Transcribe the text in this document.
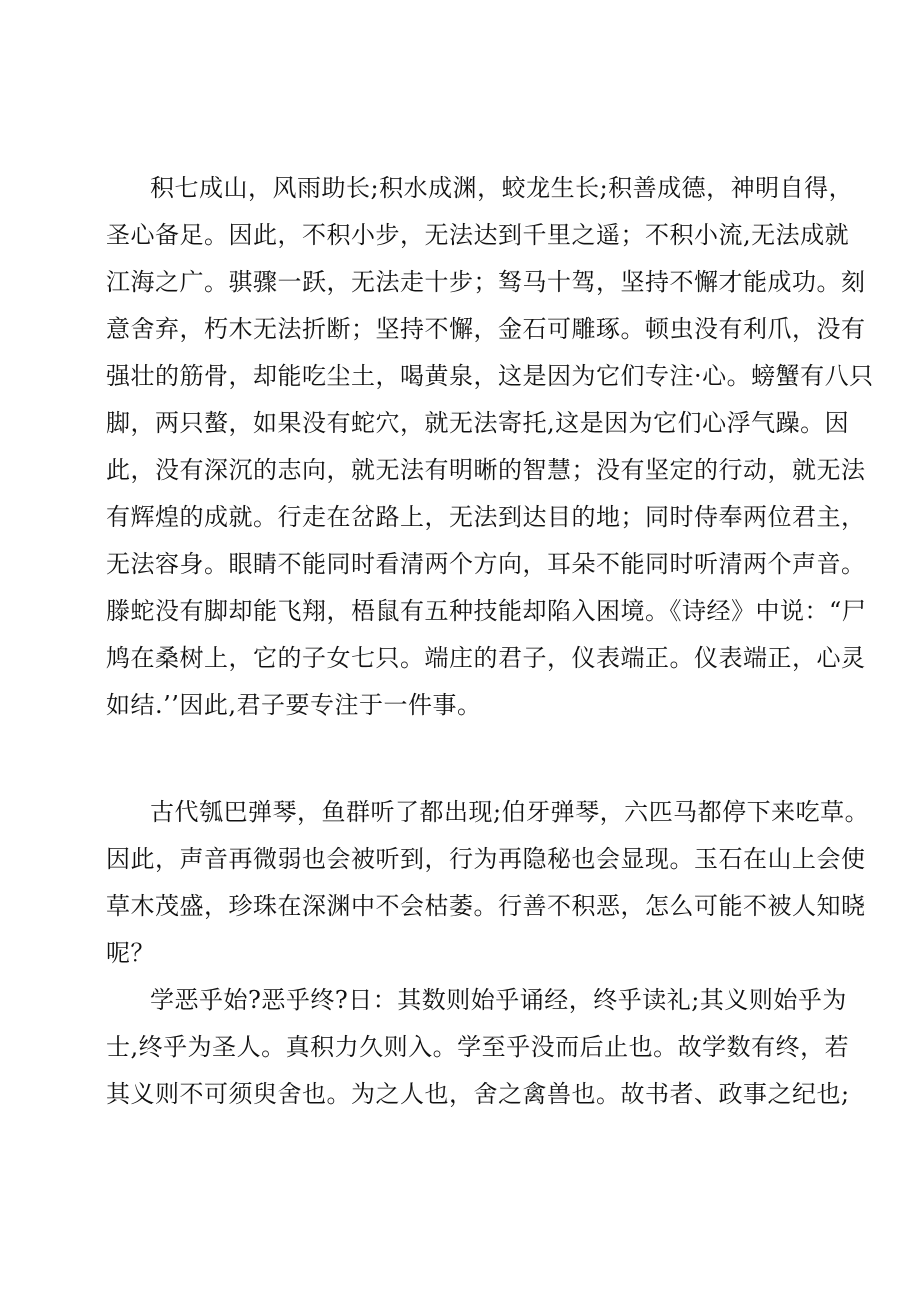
积七成山，风雨助长;积水成渊，蛟龙生长;积善成德，神明自得，
圣心备足。因此，不积小步，无法达到千里之遥；不积小流,无法成就
江海之广。骐骤一跃，无法走十步；驽马十驾，坚持不懈才能成功。刻
意舍弃，朽木无法折断；坚持不懈，金石可雕琢。顿虫没有利爪，没有
强壮的筋骨，却能吃尘土，喝黄泉，这是因为它们专注·心。螃蟹有八只
脚，两只螯，如果没有蛇穴，就无法寄托,这是因为它们心浮气躁。因
此，没有深沉的志向，就无法有明晰的智慧；没有坚定的行动，就无法
有辉煌的成就。行走在岔路上，无法到达目的地；同时侍奉两位君主，
无法容身。眼睛不能同时看清两个方向，耳朵不能同时听清两个声音。
滕蛇没有脚却能飞翔，梧鼠有五种技能却陷入困境。《诗经》中说：“尸
鸠在桑树上，它的子女七只。端庄的君子，仪表端正。仪表端正，心灵
如结.’’因此,君子要专注于一件事。
古代瓠巴弹琴，鱼群听了都出现;伯牙弹琴，六匹马都停下来吃草。
因此，声音再微弱也会被听到，行为再隐秘也会显现。玉石在山上会使
草木茂盛，珍珠在深渊中不会枯萎。行善不积恶，怎么可能不被人知晓
呢？
学恶乎始?恶乎终?日：其数则始乎诵经，终乎读礼;其义则始乎为
士,终乎为圣人。真积力久则入。学至乎没而后止也。故学数有终，若
其义则不可须臾舍也。为之人也，舍之禽兽也。故书者、政事之纪也;
